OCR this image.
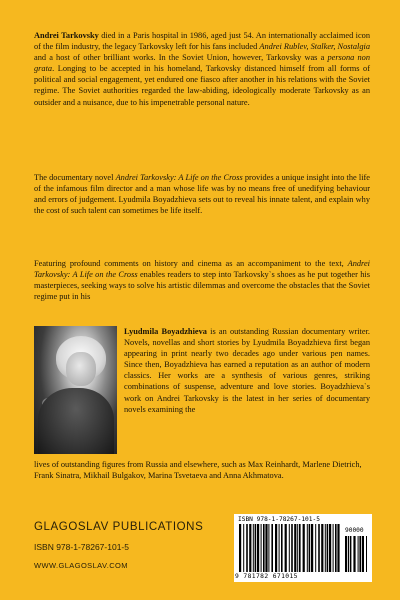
Andrei Tarkovsky died in a Paris hospital in 1986, aged just 54. An internationally acclaimed icon of the film industry, the legacy Tarkovsky left for his fans included Andrei Rublev, Stalker, Nostalgia and a host of other brilliant works. In the Soviet Union, however, Tarkovsky was a persona non grata. Longing to be accepted in his homeland, Tarkovsky distanced himself from all forms of political and social engagement, yet endured one fiasco after another in his relations with the Soviet regime. The Soviet authorities regarded the law-abiding, ideologically moderate Tarkovsky as an outsider and a nuisance, due to his impenetrable personal nature.

The documentary novel Andrei Tarkovsky: A Life on the Cross provides a unique insight into the life of the infamous film director and a man whose life was by no means free of unedifying behaviour and errors of judgement. Lyudmila Boyadzhieva sets out to reveal his innate talent, and explain why the cost of such talent can sometimes be life itself.

Featuring profound comments on history and cinema as an accompaniment to the text, Andrei Tarkovsky: A Life on the Cross enables readers to step into Tarkovsky`s shoes as he put together his masterpieces, seeking ways to solve his artistic dilemmas and overcome the obstacles that the Soviet regime put in his

Lyudmila Boyadzhieva is an outstanding Russian documentary writer. Novels, novellas and short stories by Lyudmila Boyadzhieva first began appearing in print nearly two decades ago under various pen names. Since then, Boyadzhieva has earned a reputation as an author of modern classics. Her works are a synthesis of various genres, striking combinations of suspense, adventure and love stories. Boyadzhieva`s work on Andrei Tarkovsky is the latest in her series of documentary novels examining the

lives of outstanding figures from Russia and elsewhere, such as Max Reinhardt, Marlene Dietrich, Frank Sinatra, Mikhail Bulgakov, Marina Tsvetaeva and Anna Akhmatova.

GLAGOSLAV PUBLICATIONS

ISBN 978-1-78267-101-5

WWW.GLAGOSLAV.COM

ISBN 978-1-78267-101-5

90000

9 781782 671015
